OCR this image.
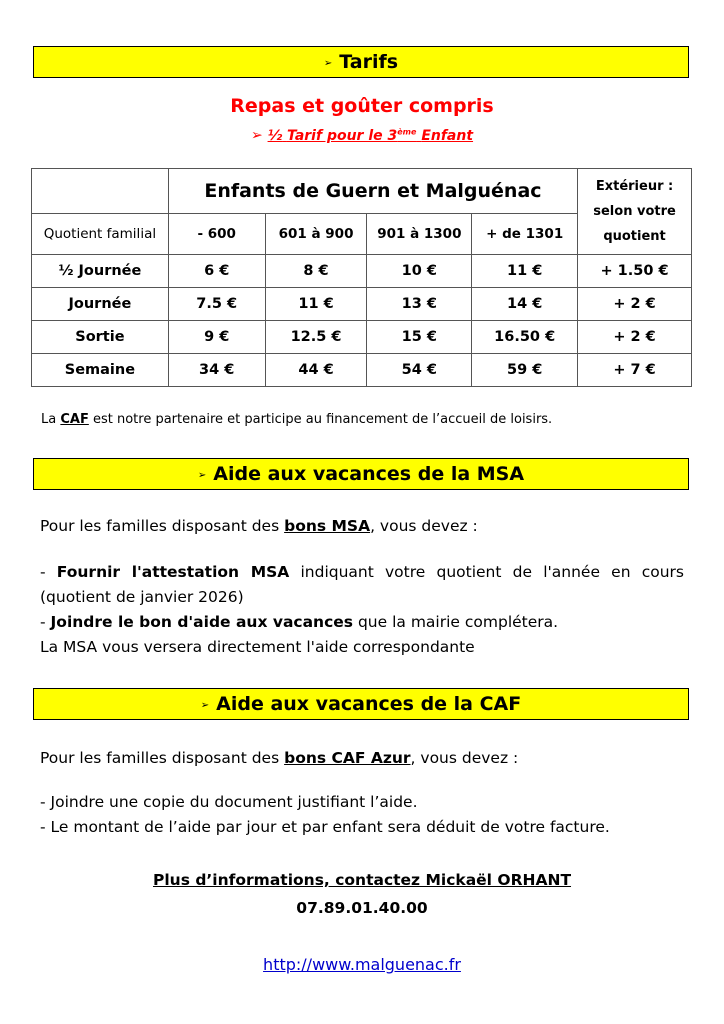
➢ Tarifs
Repas et goûter compris
➢ ½ Tarif pour le 3ème Enfant
	Enfants de Guern et Malguénac				Extérieur :
selon votre
quotient
Quotient familial	- 600	601 à 900	901 à 1300	+ de 1301	
½ Journée	6 €	8 €	10 €	11 €	+ 1.50 €
Journée	7.5 €	11 €	13 €	14 €	+ 2 €
Sortie	9 €	12.5 €	15 €	16.50 €	+ 2 €
Semaine	34 €	44 €	54 €	59 €	+ 7 €
La CAF est notre partenaire et participe au financement de l’accueil de loisirs.
➢ Aide aux vacances de la MSA
Pour les familles disposant des bons MSA, vous devez :
- Fournir l'attestation MSA indiquant votre quotient de l'année en cours (quotient de janvier 2026)
- Joindre le bon d'aide aux vacances que la mairie complétera.
La MSA vous versera directement l'aide correspondante
➢ Aide aux vacances de la CAF
Pour les familles disposant des bons CAF Azur, vous devez :
- Joindre une copie du document justifiant l’aide.
- Le montant de l’aide par jour et par enfant sera déduit de votre facture.
Plus d’informations, contactez Mickaël ORHANT
07.89.01.40.00
http://www.malguenac.fr
